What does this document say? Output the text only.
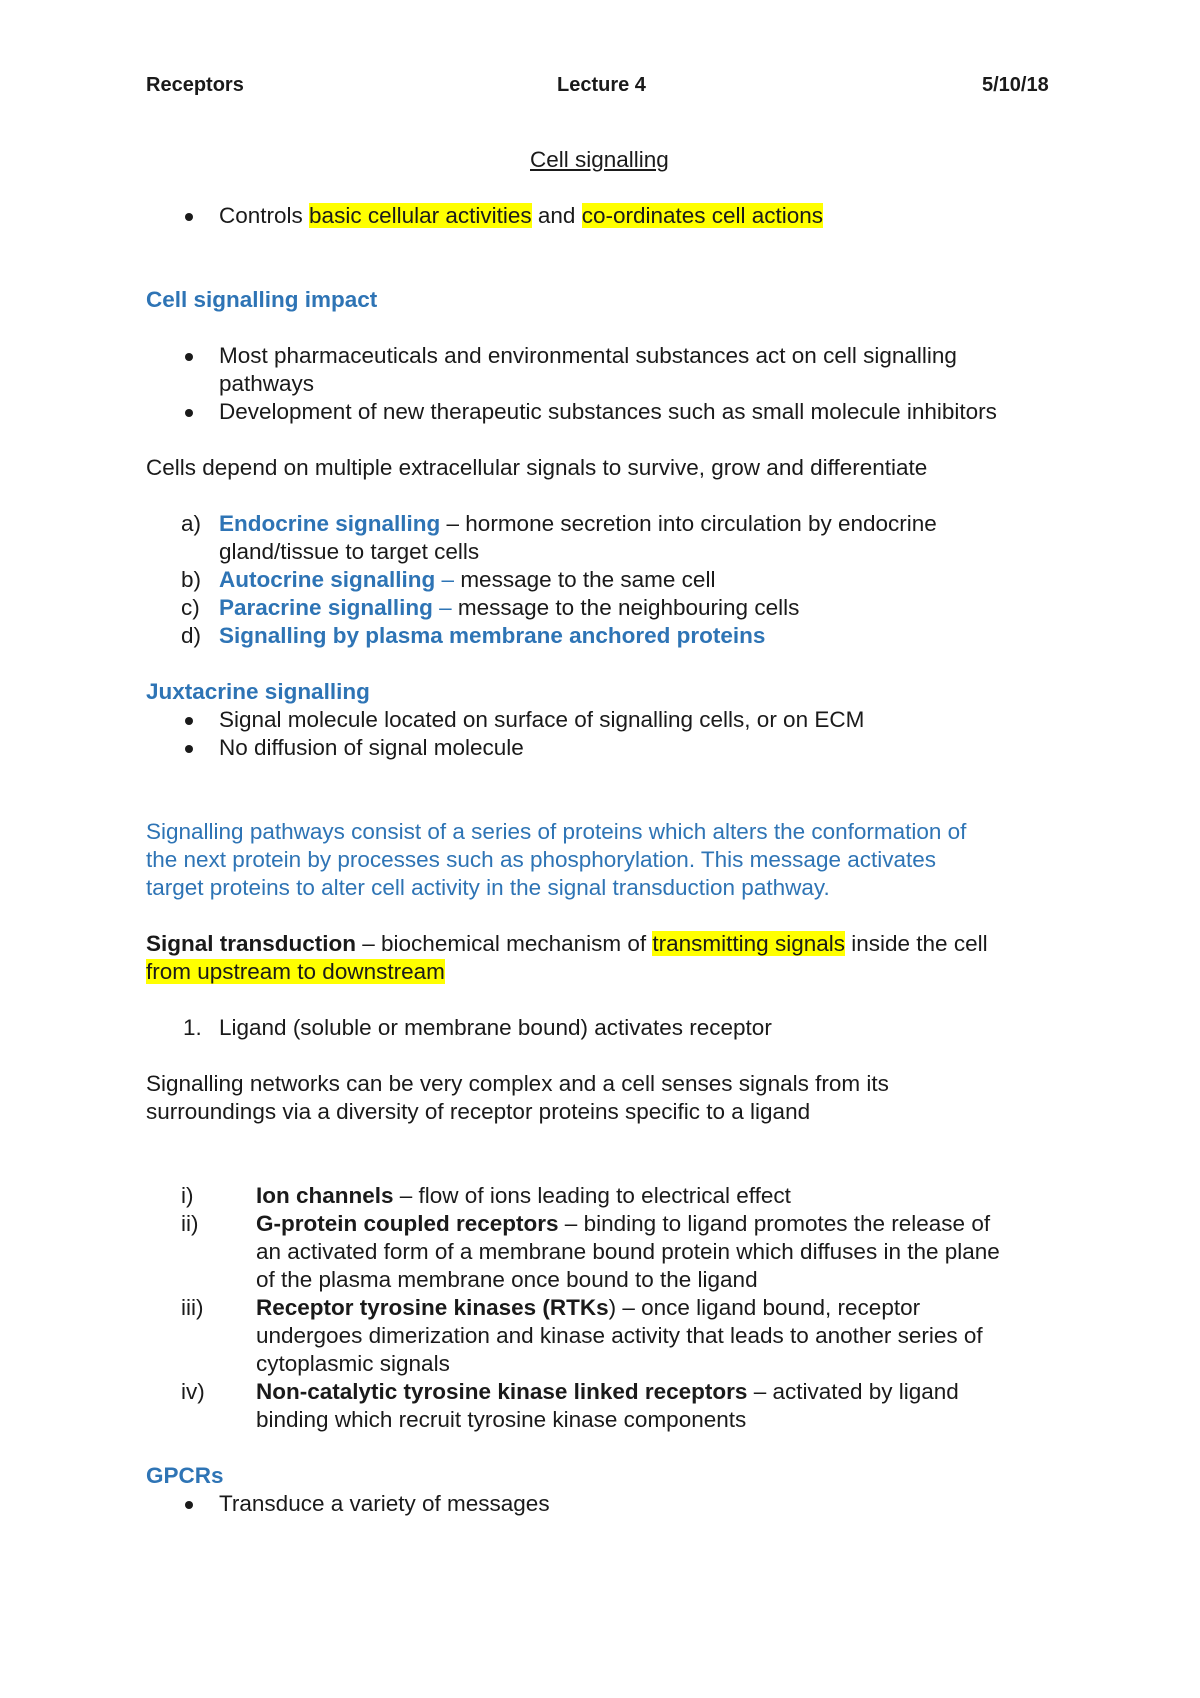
Receptors	Lecture 4	5/10/18
Cell signalling
Controls basic cellular activities and co-ordinates cell actions
Cell signalling impact
Most pharmaceuticals and environmental substances act on cell signalling
pathways
Development of new therapeutic substances such as small molecule inhibitors
Cells depend on multiple extracellular signals to survive, grow and differentiate
a) Endocrine signalling – hormone secretion into circulation by endocrine
gland/tissue to target cells
b) Autocrine signalling – message to the same cell
c) Paracrine signalling – message to the neighbouring cells
d) Signalling by plasma membrane anchored proteins
Juxtacrine signalling
Signal molecule located on surface of signalling cells, or on ECM
No diffusion of signal molecule
Signalling pathways consist of a series of proteins which alters the conformation of
the next protein by processes such as phosphorylation. This message activates
target proteins to alter cell activity in the signal transduction pathway.
Signal transduction – biochemical mechanism of transmitting signals inside the cell
from upstream to downstream
1. Ligand (soluble or membrane bound) activates receptor
Signalling networks can be very complex and a cell senses signals from its
surroundings via a diversity of receptor proteins specific to a ligand
i)	Ion channels – flow of ions leading to electrical effect
ii)	G-protein coupled receptors – binding to ligand promotes the release of
an activated form of a membrane bound protein which diffuses in the plane
of the plasma membrane once bound to the ligand
iii) Receptor tyrosine kinases (RTKs) – once ligand bound, receptor
undergoes dimerization and kinase activity that leads to another series of
cytoplasmic signals
iv) Non-catalytic tyrosine kinase linked receptors – activated by ligand
binding which recruit tyrosine kinase components
GPCRs
Transduce a variety of messages
